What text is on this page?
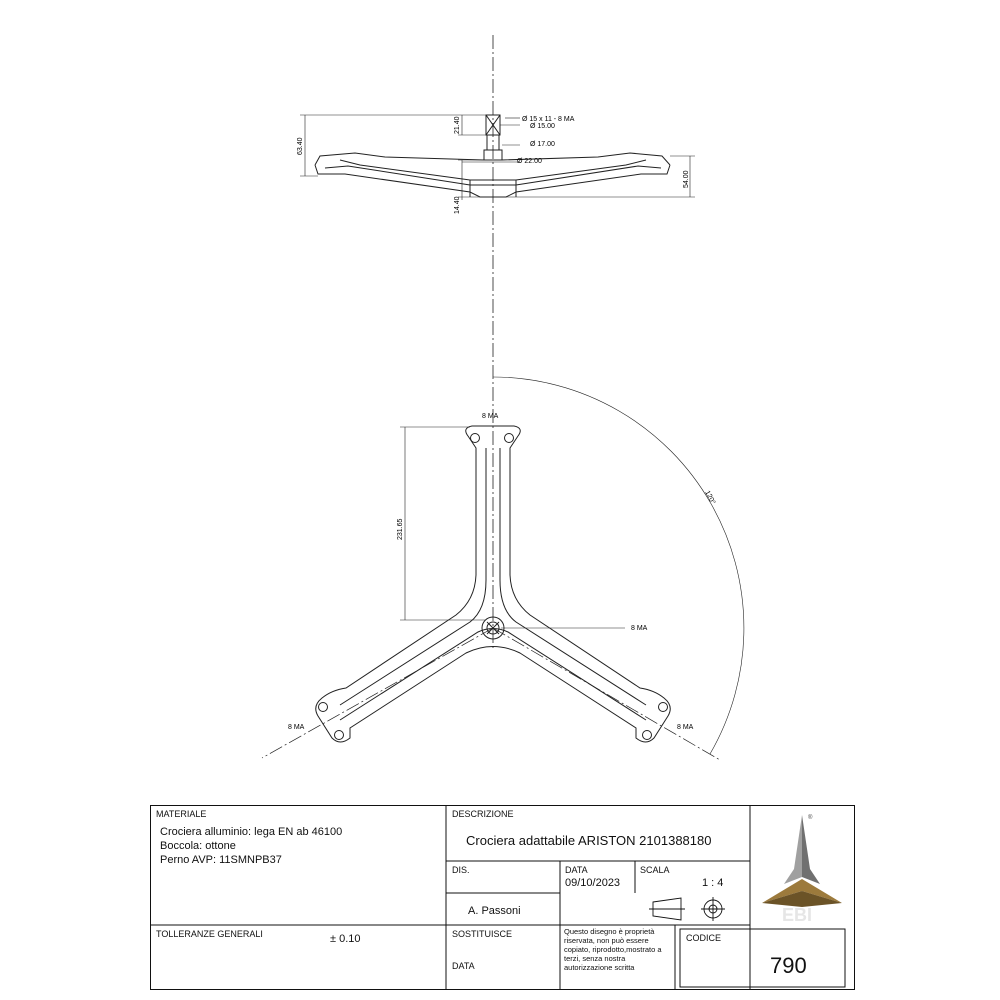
Ø 15 x 11 - 8 MA
Ø 15.00
Ø 17.00
Ø 22.00
63.40
21.40
14.40
54.00
231.65
120°
8 MA
8 MA
8 MA	8 MA
MATERIALE
Crociera alluminio: lega EN ab 46100
Boccola: ottone
Perno AVP: 11SMNPB37
TOLLERANZE GENERALI	± 0.10
DESCRIZIONE
Crociera adattabile ARISTON 2101388180
DIS.
A. Passoni
DATA
09/10/2023
SCALA
1 : 4
SOSTITUISCE
DATA
Questo disegno è proprietà riservata, non può essere copiato, riprodotto,mostrato a terzi, senza nostra autorizzazione scritta
CODICE
790
®
EBI
